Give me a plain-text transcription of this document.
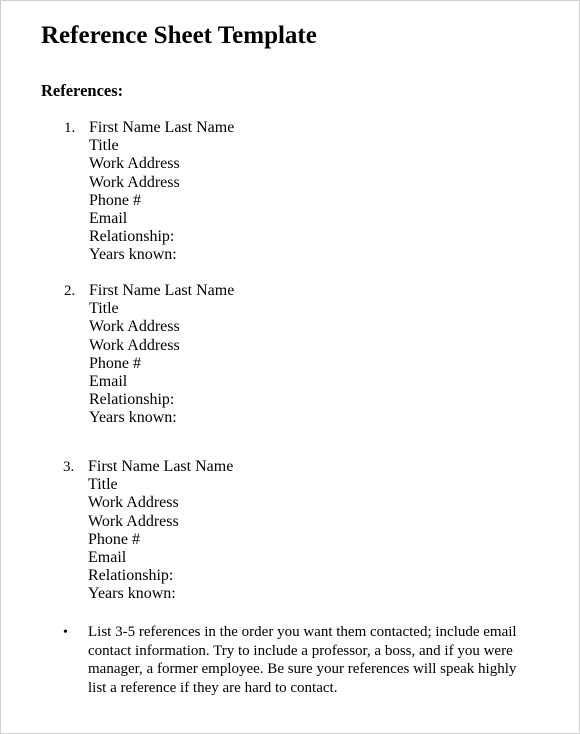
Reference Sheet Template
References:
1. First Name Last Name
Title
Work Address
Work Address
Phone #
Email
Relationship:
Years known:
2. First Name Last Name
Title
Work Address
Work Address
Phone #
Email
Relationship:
Years known:
3. First Name Last Name
Title
Work Address
Work Address
Phone #
Email
Relationship:
Years known:
• List 3-5 references in the order you want them contacted; include email
contact information. Try to include a professor, a boss, and if you were
manager, a former employee. Be sure your references will speak highly
list a reference if they are hard to contact.
